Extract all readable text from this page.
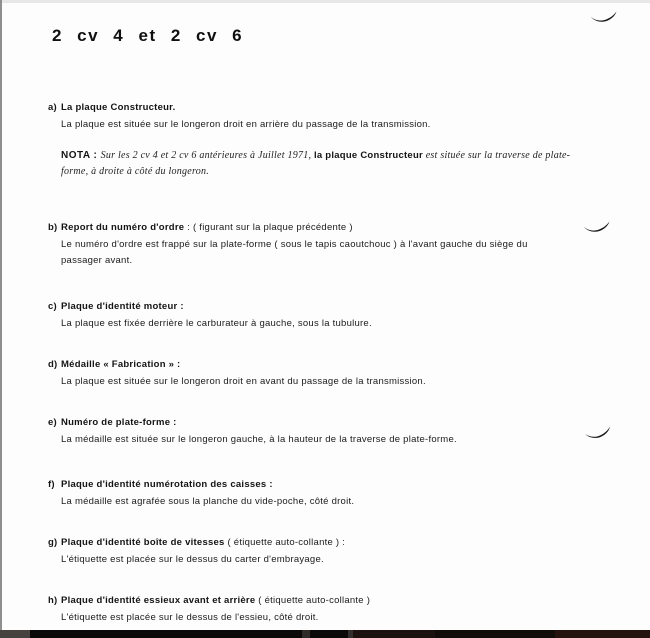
2 cv 4 et 2 cv 6
a) La plaque Constructeur.
La plaque est située sur le longeron droit en arrière du passage de la transmission.
NOTA : Sur les 2 cv 4 et 2 cv 6 antérieures à Juillet 1971, la plaque Constructeur est située sur la traverse de plate-forme, à droite à côté du longeron.
b) Report du numéro d'ordre : ( figurant sur la plaque précédente )
Le numéro d'ordre est frappé sur la plate-forme ( sous le tapis caoutchouc ) à l'avant gauche du siège du
passager avant.
c) Plaque d'identité moteur :
La plaque est fixée derrière le carburateur à gauche, sous la tubulure.
d) Médaille « Fabrication » :
La plaque est située sur le longeron droit en avant du passage de la transmission.
e) Numéro de plate-forme :
La médaille est située sur le longeron gauche, à la hauteur de la traverse de plate-forme.
f) Plaque d'identité numérotation des caisses :
La médaille est agrafée sous la planche du vide-poche, côté droit.
g) Plaque d'identité boîte de vitesses ( étiquette auto-collante ) :
L'étiquette est placée sur le dessus du carter d'embrayage.
h) Plaque d'identité essieux avant et arrière ( étiquette auto-collante )
L'étiquette est placée sur le dessus de l'essieu, côté droit.
